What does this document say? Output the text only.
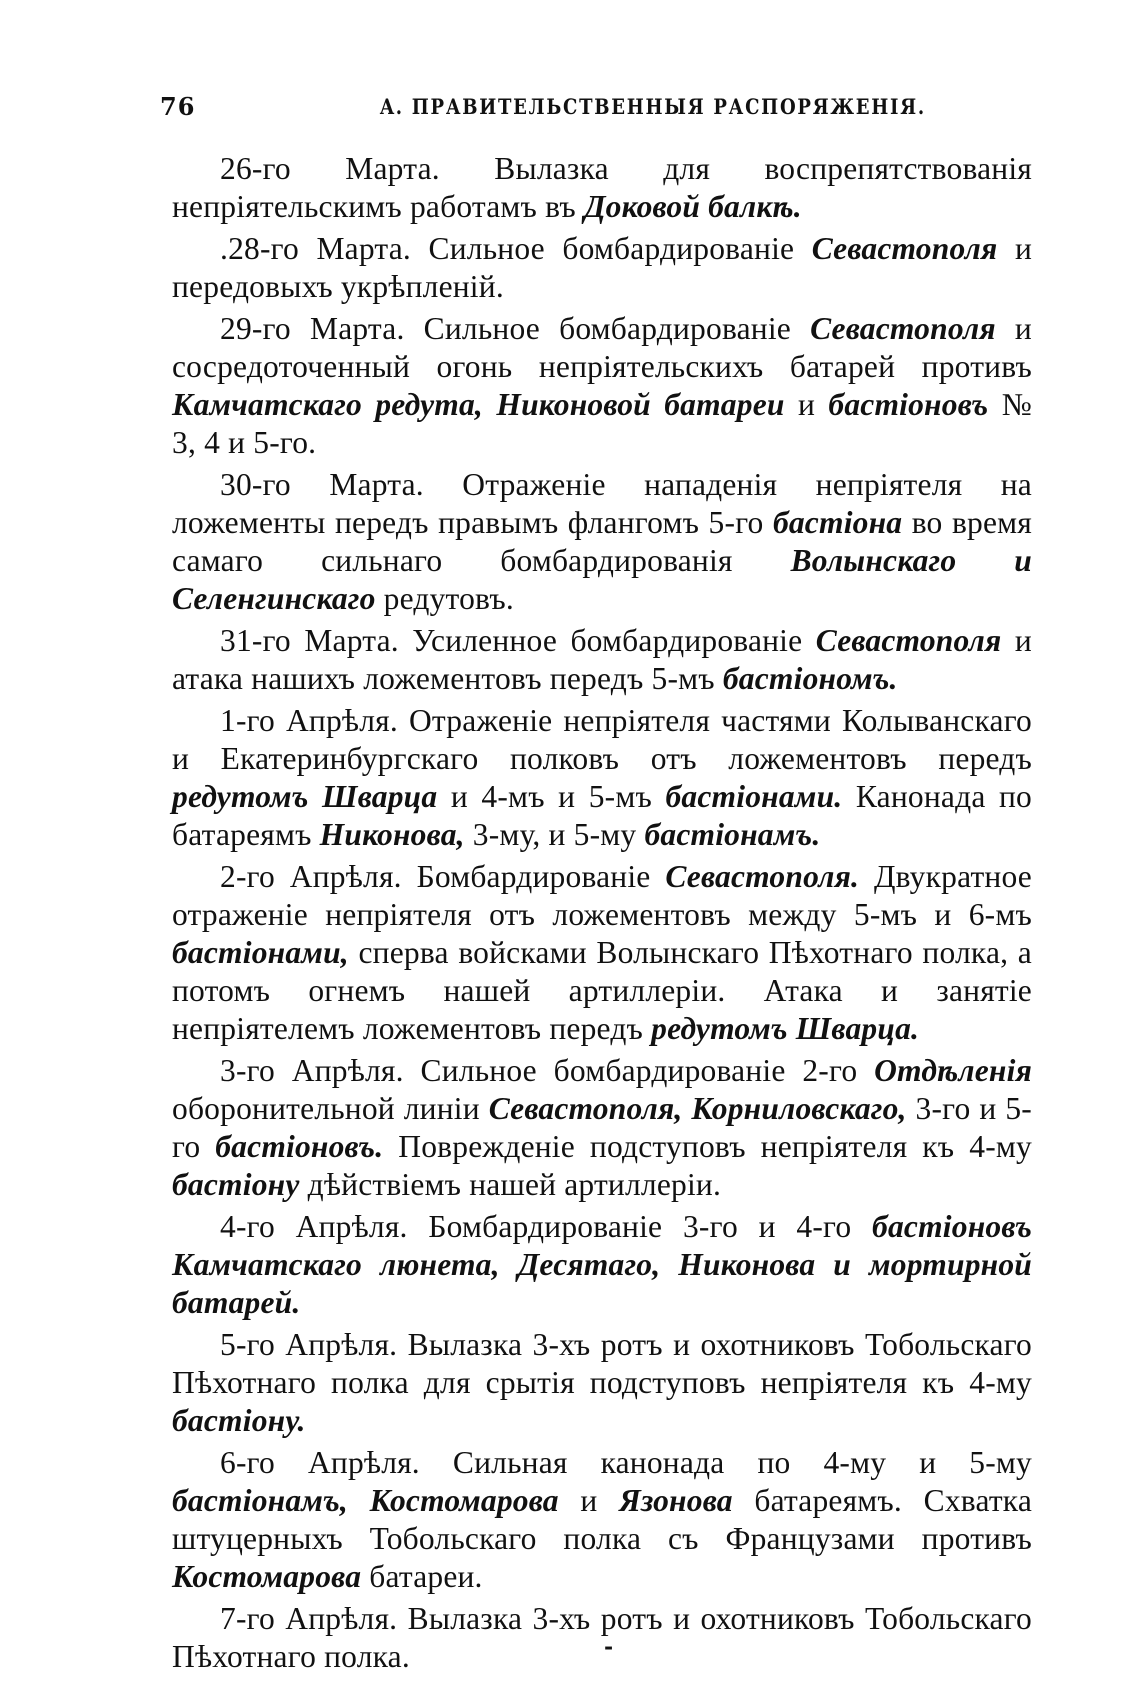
76	A. ПРАВИТЕЛЬСТВЕННЫЯ РАСПОРЯЖЕНІЯ.

26-го Марта. Вылазка для воспрепятствованія непріятельскимъ работамъ въ Доковой балкѣ.

.28-го Марта. Сильное бомбардированіе Севастополя и передовыхъ укрѣпленій.

29-го Марта. Сильное бомбардированіе Севастополя и сосредоточенный огонь непріятельскихъ батарей противъ Камчатскаго редута, Никоновой батареи и бастіоновъ № 3, 4 и 5-го.

30-го Марта. Отраженіе нападенія непріятеля на ложементы передъ правымъ флангомъ 5-го бастіона во время самаго сильнаго бомбардированія Волынскаго и Селенгинскаго редутовъ.

31-го Марта. Усиленное бомбардированіе Севастополя и атака нашихъ ложементовъ передъ 5-мъ бастіономъ.

1-го Апрѣля. Отраженіе непріятеля частями Колыванскаго и Екатеринбургскаго полковъ отъ ложементовъ передъ редутомъ Шварца и 4-мъ и 5-мъ бастіонами. Канонада по батареямъ Никонова, 3-му, и 5-му бастіонамъ.

2-го Апрѣля. Бомбардированіе Севастополя. Двукратное отраженіе непріятеля отъ ложементовъ между 5-мъ и 6-мъ бастіонами, сперва войсками Волынскаго Пѣхотнаго полка, а потомъ огнемъ нашей артиллеріи. Атака и занятіе непріятелемъ ложементовъ передъ редутомъ Шварца.

3-го Апрѣля. Сильное бомбардированіе 2-го Отдѣленія оборонительной линіи Севастополя, Корниловскаго, 3-го и 5-го бастіоновъ. Поврежденіе подступовъ непріятеля къ 4-му бастіону дѣйствіемъ нашей артиллеріи.

4-го Апрѣля. Бомбардированіе 3-го и 4-го бастіоновъ Камчатскаго люнета, Десятаго, Никонова и мортирной батарей.

5-го Апрѣля. Вылазка 3-хъ ротъ и охотниковъ Тобольскаго Пѣхотнаго полка для срытія подступовъ непріятеля къ 4-му бастіону.

6-го Апрѣля. Сильная канонада по 4-му и 5-му бастіонамъ, Костомарова и Язонова батареямъ. Схватка штуцерныхъ Тобольскаго полка съ Французами противъ Костомарова батареи.

7-го Апрѣля. Вылазка 3-хъ ротъ и охотниковъ Тобольскаго Пѣхотнаго полка.	-
